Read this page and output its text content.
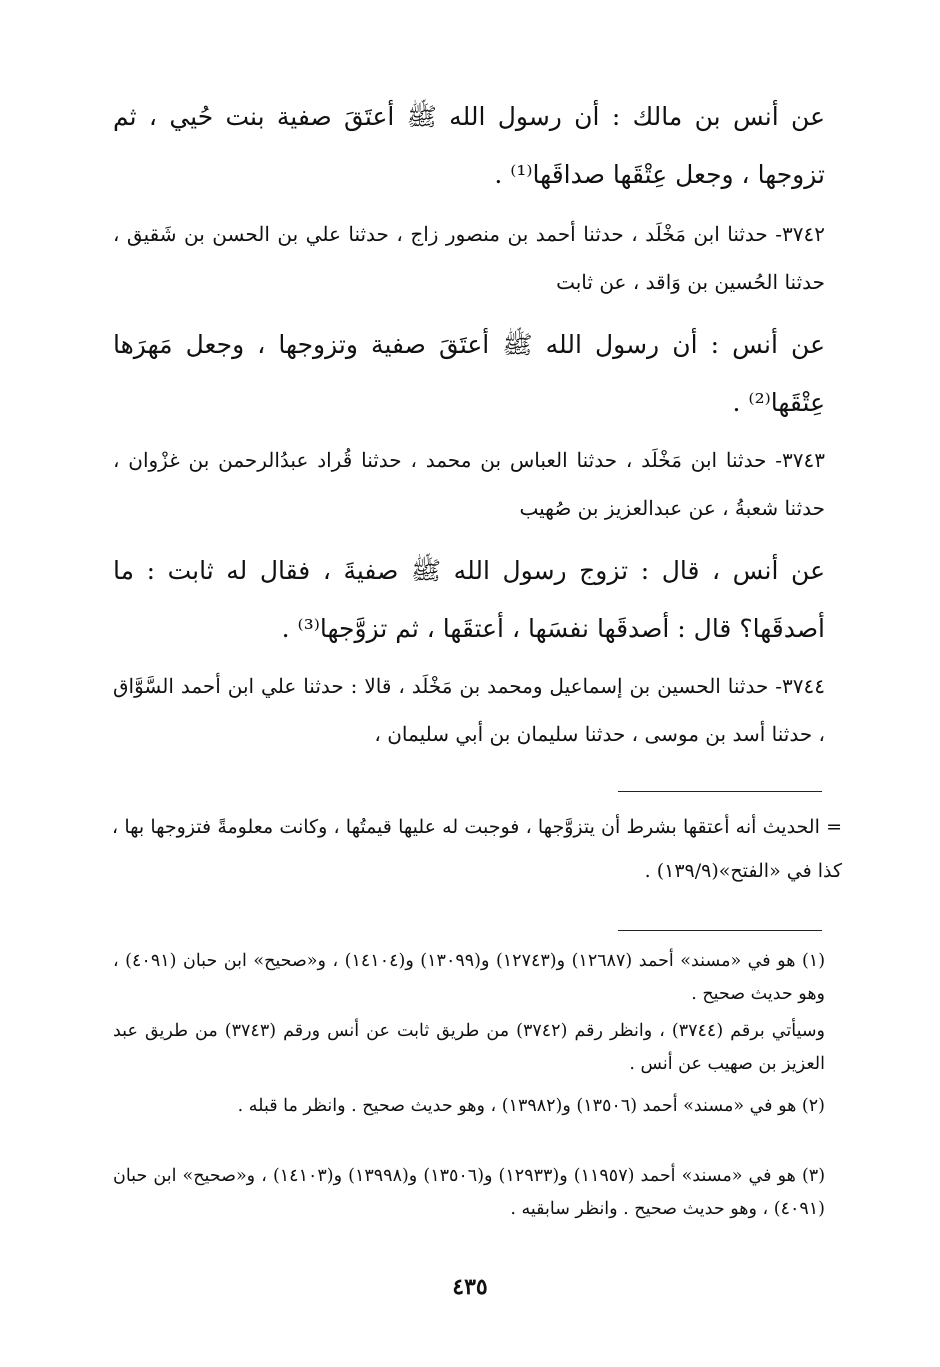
عن أنس بن مالك : أن رسول الله ﷺ أعتَقَ صفية بنت حُيي ، ثم تزوجها ، وجعل عِتْقَها صداقَها⁽¹⁾ .

٣٧٤٢- حدثنا ابن مَخْلَد ، حدثنا أحمد بن منصور زاج ، حدثنا علي بن الحسن بن شَقيق ، حدثنا الحُسين بن وَاقد ، عن ثابت

عن أنس : أن رسول الله ﷺ أعتَقَ صفية وتزوجها ، وجعل مَهرَها عِتْقَها⁽²⁾ .

٣٧٤٣- حدثنا ابن مَخْلَد ، حدثنا العباس بن محمد ، حدثنا قُراد عبدُالرحمن بن غزْوان ، حدثنا شعبةُ ، عن عبدالعزيز بن صُهيب

عن أنس ، قال : تزوج رسول الله ﷺ صفيةَ ، فقال له ثابت : ما أصدقَها؟ قال : أصدقَها نفسَها ، أعتقَها ، ثم تزوَّجها⁽³⁾ .

٣٧٤٤- حدثنا الحسين بن إسماعيل ومحمد بن مَخْلَد ، قالا : حدثنا علي ابن أحمد السَّوَّاق ، حدثنا أسد بن موسى ، حدثنا سليمان بن أبي سليمان ،

= الحديث أنه أعتقها بشرط أن يتزوَّجها ، فوجبت له عليها قيمتُها ، وكانت معلومةً فتزوجها بها ، كذا في «الفتح»(١٣٩/٩) .

(١) هو في «مسند» أحمد (١٢٦٨٧) و(١٢٧٤٣) و(١٣٠٩٩) و(١٤١٠٤) ، و«صحيح» ابن حبان (٤٠٩١) ، وهو حديث صحيح .

وسيأتي برقم (٣٧٤٤) ، وانظر رقم (٣٧٤٢) من طريق ثابت عن أنس ورقم (٣٧٤٣) من طريق عبد العزيز بن صهيب عن أنس .

(٢) هو في «مسند» أحمد (١٣٥٠٦) و(١٣٩٨٢) ، وهو حديث صحيح . وانظر ما قبله .

(٣) هو في «مسند» أحمد (١١٩٥٧) و(١٢٩٣٣) و(١٣٥٠٦) و(١٣٩٩٨) و(١٤١٠٣) ، و«صحيح» ابن حبان (٤٠٩١) ، وهو حديث صحيح . وانظر سابقيه .

٤٣٥
